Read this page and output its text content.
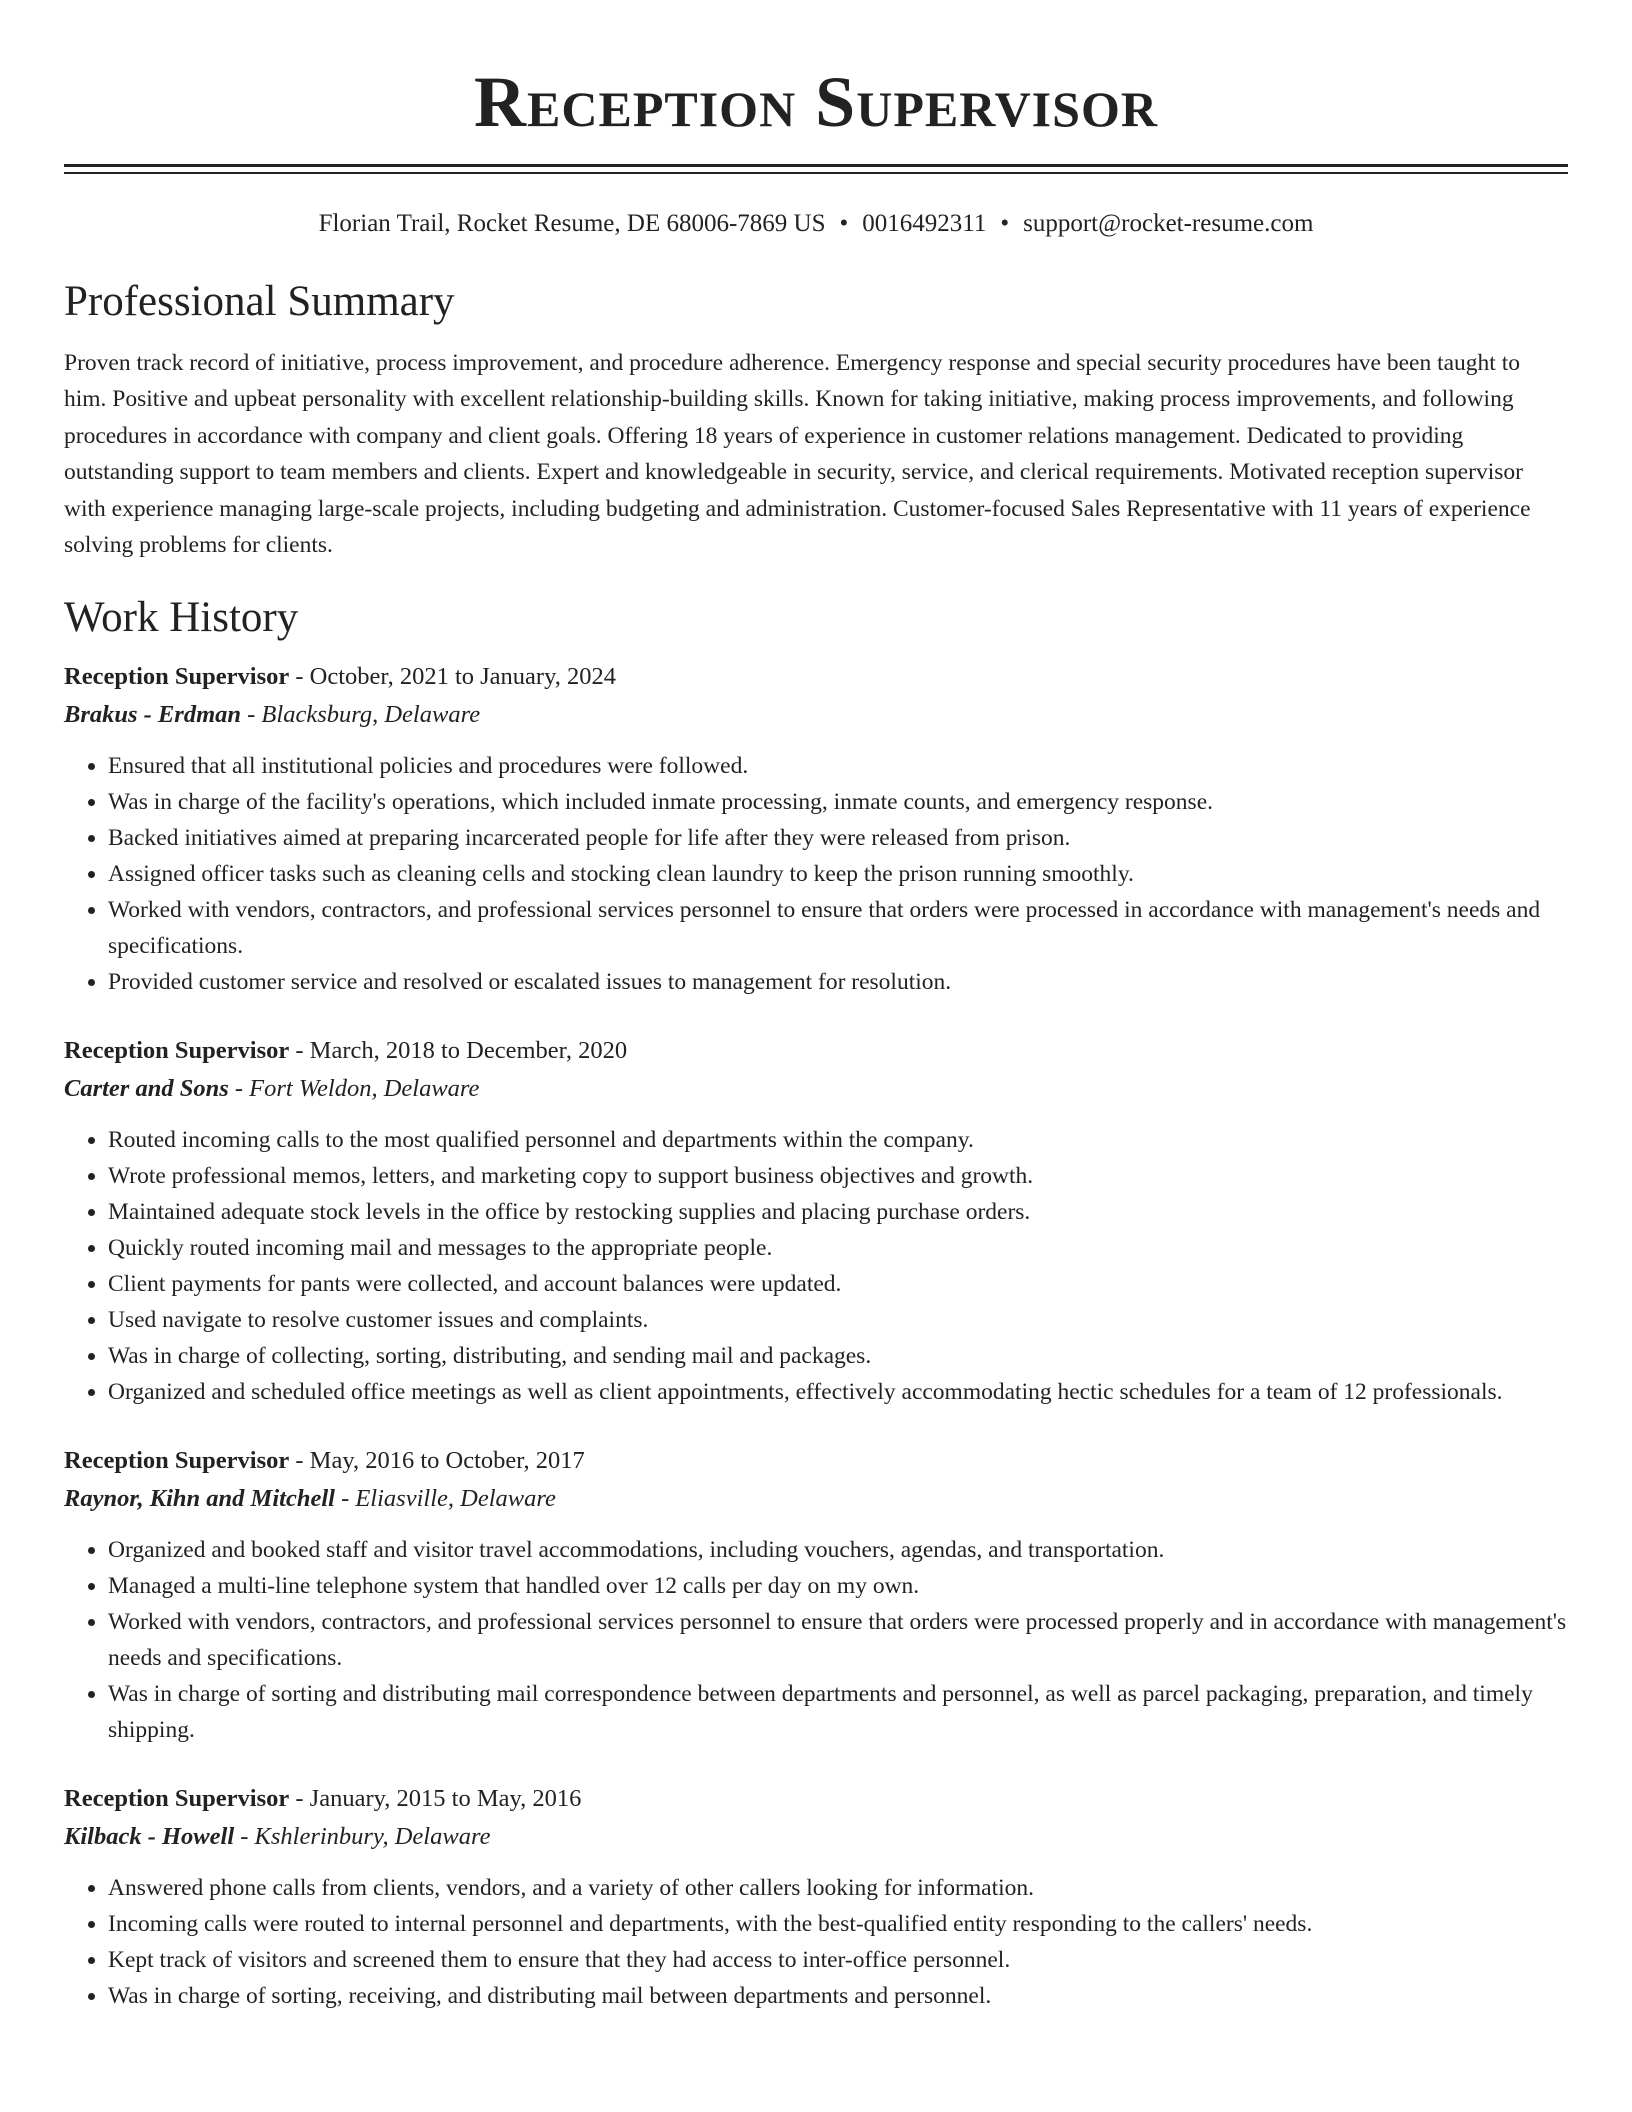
Reception Supervisor
Florian Trail, Rocket Resume, DE 68006-7869 US • 0016492311 • support@rocket-resume.com
Professional Summary

Proven track record of initiative, process improvement, and procedure adherence. Emergency response and special security procedures have been taught to him. Positive and upbeat personality with excellent relationship-building skills. Known for taking initiative, making process improvements, and following procedures in accordance with company and client goals. Offering 18 years of experience in customer relations management. Dedicated to providing outstanding support to team members and clients. Expert and knowledgeable in security, service, and clerical requirements. Motivated reception supervisor with experience managing large-scale projects, including budgeting and administration. Customer-focused Sales Representative with 11 years of experience solving problems for clients.

Work History
Reception Supervisor - October, 2021 to January, 2024
Brakus - Erdman - Blacksburg, Delaware
• Ensured that all institutional policies and procedures were followed.
• Was in charge of the facility's operations, which included inmate processing, inmate counts, and emergency response.
• Backed initiatives aimed at preparing incarcerated people for life after they were released from prison.
• Assigned officer tasks such as cleaning cells and stocking clean laundry to keep the prison running smoothly.
• Worked with vendors, contractors, and professional services personnel to ensure that orders were processed in accordance with management's needs and specifications.
• Provided customer service and resolved or escalated issues to management for resolution.
Reception Supervisor - March, 2018 to December, 2020
Carter and Sons - Fort Weldon, Delaware
• Routed incoming calls to the most qualified personnel and departments within the company.
• Wrote professional memos, letters, and marketing copy to support business objectives and growth.
• Maintained adequate stock levels in the office by restocking supplies and placing purchase orders.
• Quickly routed incoming mail and messages to the appropriate people.
• Client payments for pants were collected, and account balances were updated.
• Used navigate to resolve customer issues and complaints.
• Was in charge of collecting, sorting, distributing, and sending mail and packages.
• Organized and scheduled office meetings as well as client appointments, effectively accommodating hectic schedules for a team of 12 professionals.
Reception Supervisor - May, 2016 to October, 2017
Raynor, Kihn and Mitchell - Eliasville, Delaware
• Organized and booked staff and visitor travel accommodations, including vouchers, agendas, and transportation.
• Managed a multi-line telephone system that handled over 12 calls per day on my own.
• Worked with vendors, contractors, and professional services personnel to ensure that orders were processed properly and in accordance with management's needs and specifications.
• Was in charge of sorting and distributing mail correspondence between departments and personnel, as well as parcel packaging, preparation, and timely shipping.
Reception Supervisor - January, 2015 to May, 2016
Kilback - Howell - Kshlerinbury, Delaware
• Answered phone calls from clients, vendors, and a variety of other callers looking for information.
• Incoming calls were routed to internal personnel and departments, with the best-qualified entity responding to the callers' needs.
• Kept track of visitors and screened them to ensure that they had access to inter-office personnel.
• Was in charge of sorting, receiving, and distributing mail between departments and personnel.
